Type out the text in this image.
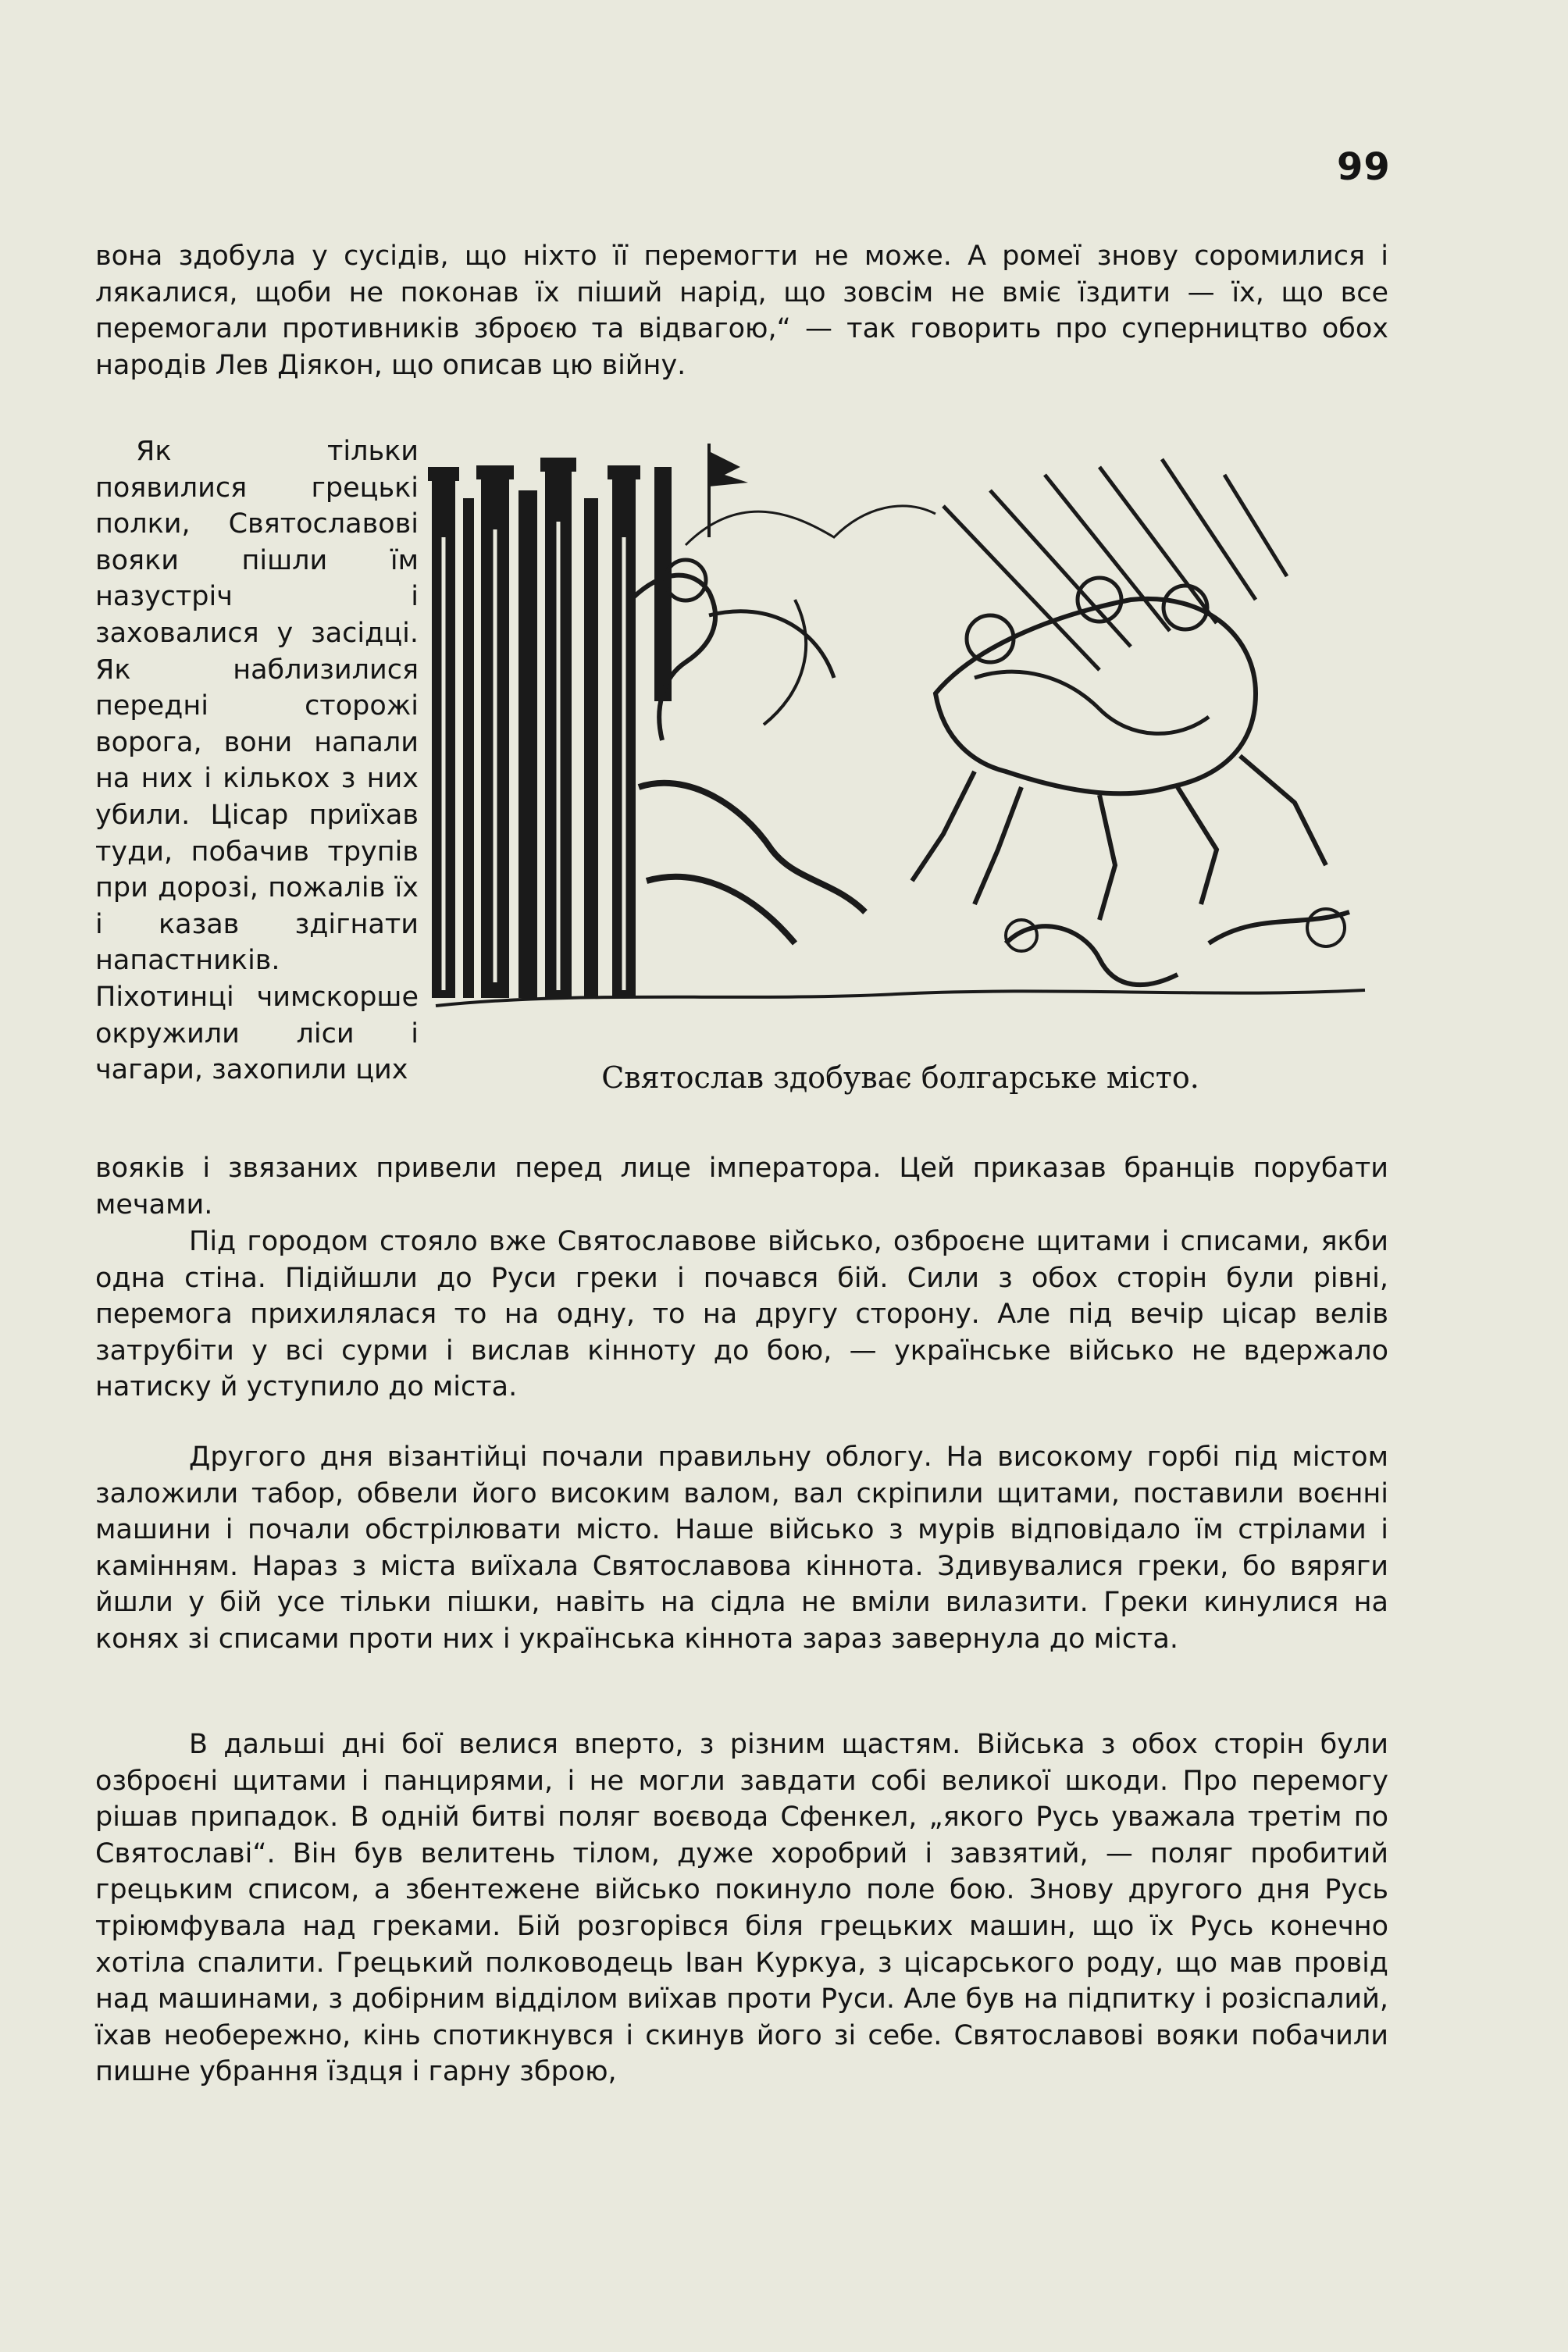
99

вона здобула у сусідів, що ніхто її перемогти не може. А ромеї знову соромилися і лякалися, щоби не поконав їх піший нарід, що зовсім не вміє їздити — їх, що все перемогали противників зброєю та відвагою,“ — так говорить про суперництво обох народів Лев Діякон, що описав цю війну.

Як тільки появилися грецькі полки, Святославові вояки пішли їм назустріч і заховалися у засідці. Як наблизилися передні сторожі ворога, вони напали на них і кількох з них убили. Цісар приїхав туди, побачив трупів при дорозі, пожалів їх і казав здігнати напастників. Піхотинці чимскорше окружили ліси і чагари, захопили цих	Святослав здобуває болгарське місто.

вояків і звязаних привели перед лице імператора. Цей приказав бранців порубати мечами.

Під городом стояло вже Святославове військо, озброєне щитами і списами, якби одна стіна. Підійшли до Руси греки і почався бій. Сили з обох сторін були рівні, перемога прихилялася то на одну, то на другу сторону. Але під вечір цісар велів затрубіти у всі сурми і вислав кінноту до бою, — українське військо не вдержало натиску й уступило до міста.

Другого дня візантійці почали правильну облогу. На високому горбі під містом заложили табор, обвели його високим валом, вал скріпили щитами, поставили воєнні машини і почали обстрілювати місто. Наше військо з мурів відповідало їм стрілами і камінням. Нараз з міста виїхала Святославова кіннота. Здивувалися греки, бо вяряги йшли у бій усе тільки пішки, навіть на сідла не вміли вилазити. Греки кинулися на конях зі списами проти них і українська кіннота зараз завернула до міста.

В дальші дні бої велися вперто, з різним щастям. Війська з обох сторін були озброєні щитами і панцирями, і не могли завдати собі великої шкоди. Про перемогу рішав припадок. В одній битві поляг воєвода Сфенкел, „якого Русь уважала третім по Святославі“. Він був велитень тілом, дуже хоробрий і завзятий, — поляг пробитий грецьким списом, а збентежене військо покинуло поле бою. Знову другого дня Русь тріюмфувала над греками. Бій розгорівся біля грецьких машин, що їх Русь конечно хотіла спалити. Грецький полководець Іван Куркуа, з цісарського роду, що мав провід над машинами, з добірним відділом виїхав проти Руси. Але був на підпитку і розіспалий, їхав необережно, кінь спотикнувся і скинув його зі себе. Святославові вояки побачили пишне убрання їздця і гарну зброю,
